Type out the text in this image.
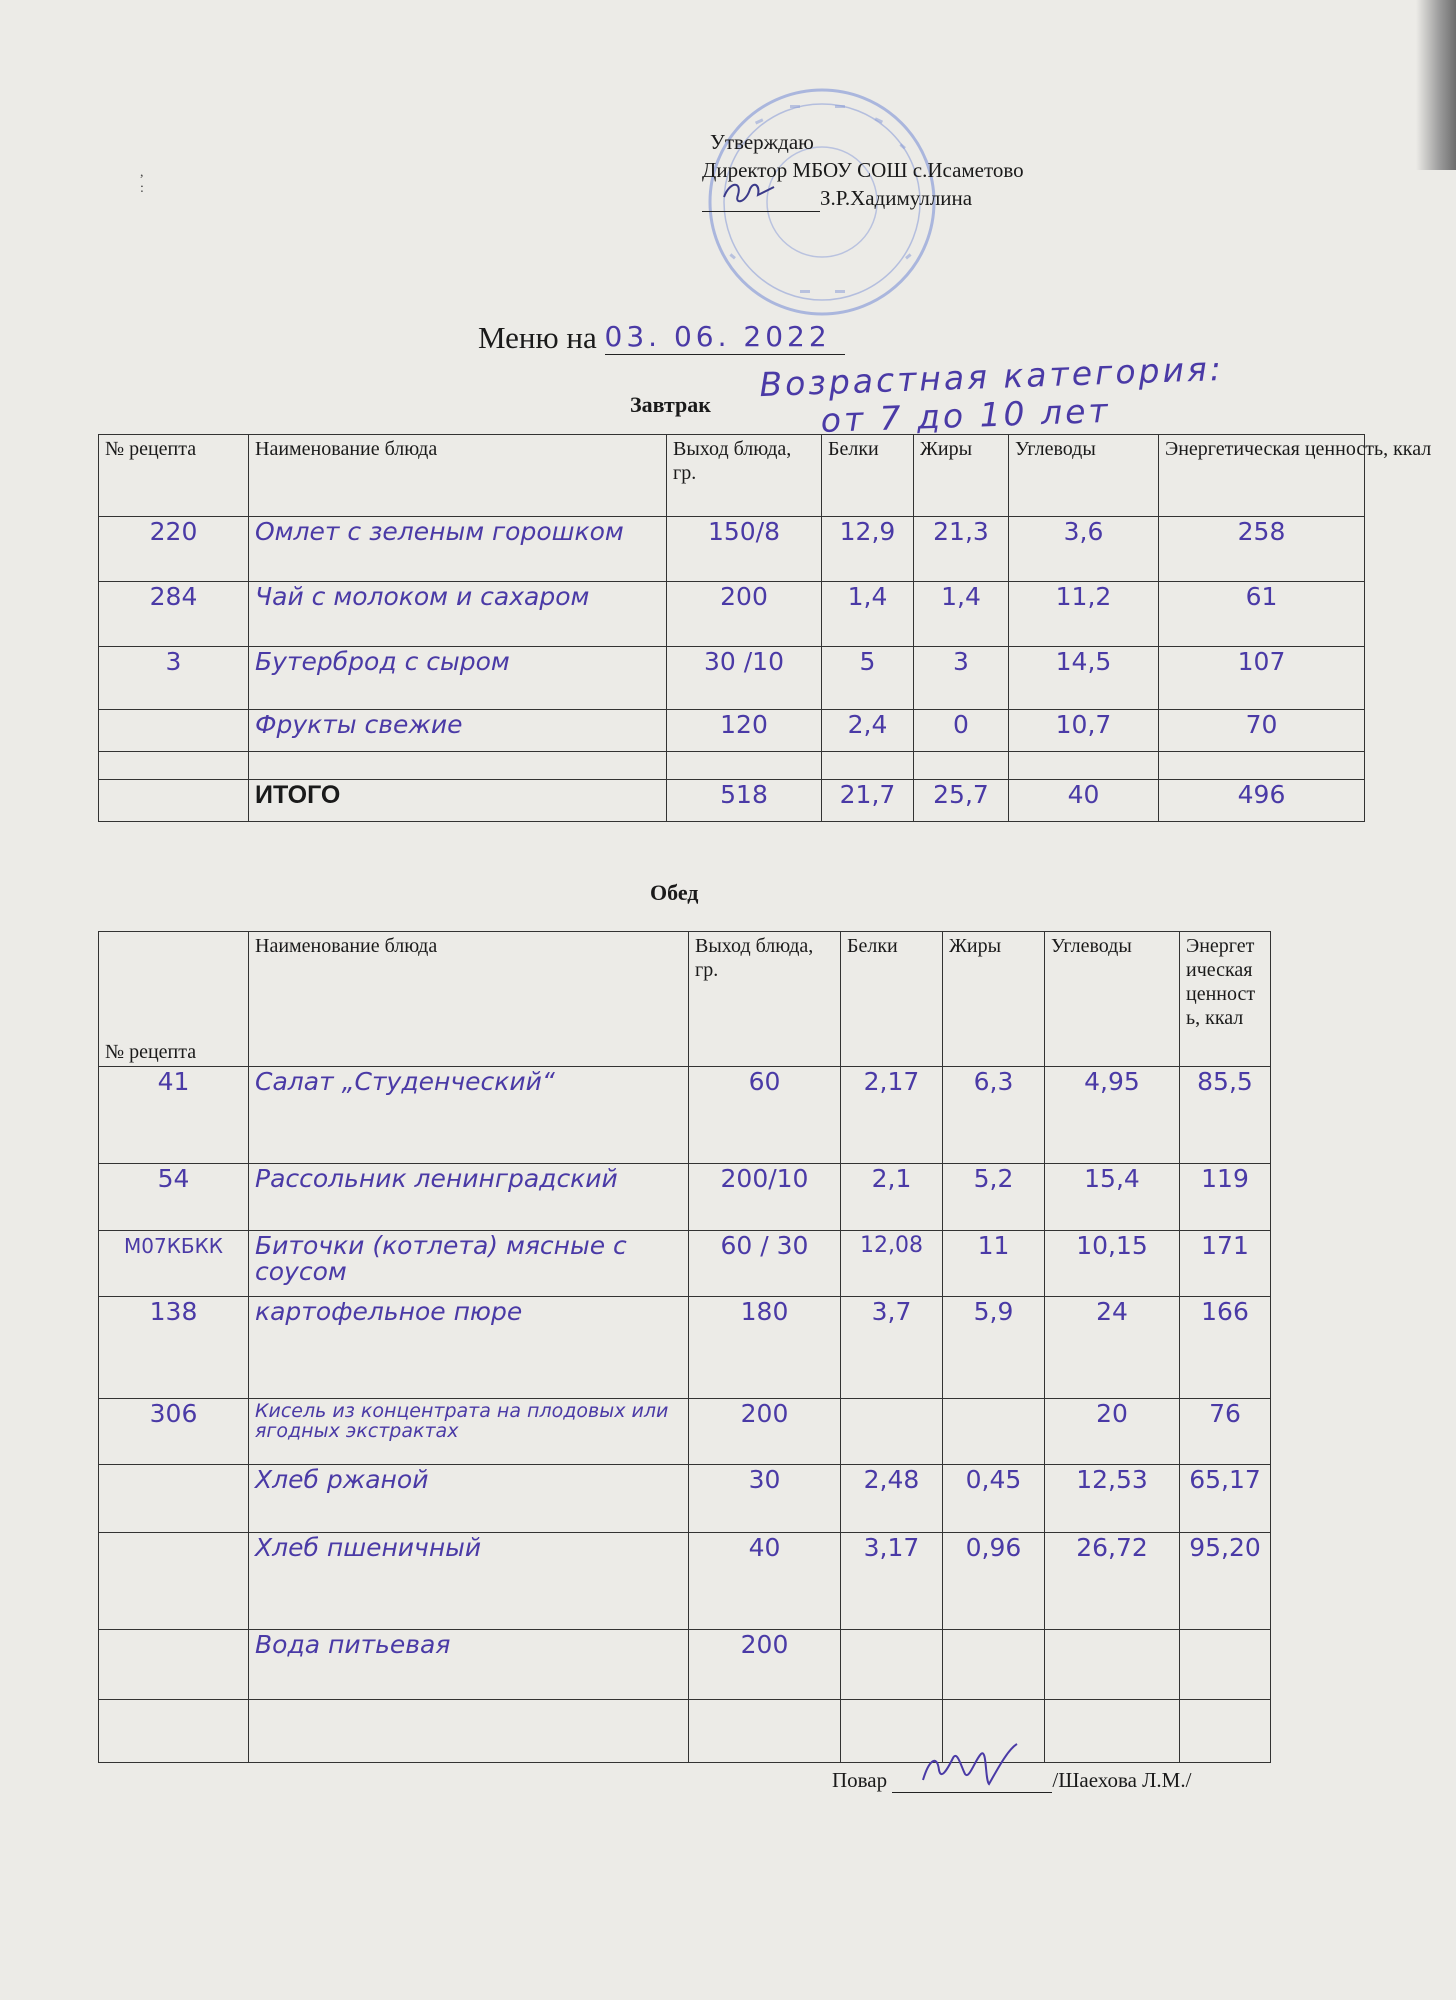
,
:
Утверждаю
Директор МБОУ СОШ с.Исаметово
З.Р.Хадимуллина
Меню на 03. 06. 2022
Возрастная категория:
от 7 до 10 лет
Завтрак
№ рецепта	Наименование блюда	Выход блюда, гр.	Белки	Жиры	Углеводы	Энергетическая ценность, ккал
220	Омлет с зеленым горошком	150/8	12,9	21,3	3,6	258
284	Чай с молоком и сахаром	200	1,4	1,4	11,2	61
3	Бутерброд с сыром	30 /10	5	3	14,5	107
	Фрукты свежие	120	2,4	0	10,7	70

	ИТОГО	518	21,7	25,7	40	496
Обед
№ рецепта	Наименование блюда	Выход блюда, гр.	Белки	Жиры	Углеводы	Энергетическая ценность, ккал
41	Салат „Студенческий“	60	2,17	6,3	4,95	85,5
54	Рассольник ленинградский	200/10	2,1	5,2	15,4	119
М07КБКК	Биточки (котлета) мясные с соусом	60 / 30	12,08	11	10,15	171
138	картофельное пюре	180	3,7	5,9	24	166
306	Кисель из концентрата на плодовых или ягодных экстрактах	200			20	76
	Хлеб ржаной	30	2,48	0,45	12,53	65,17
	Хлеб пшеничный	40	3,17	0,96	26,72	95,20
	Вода питьевая	200				

Повар	/Шаехова Л.М./
